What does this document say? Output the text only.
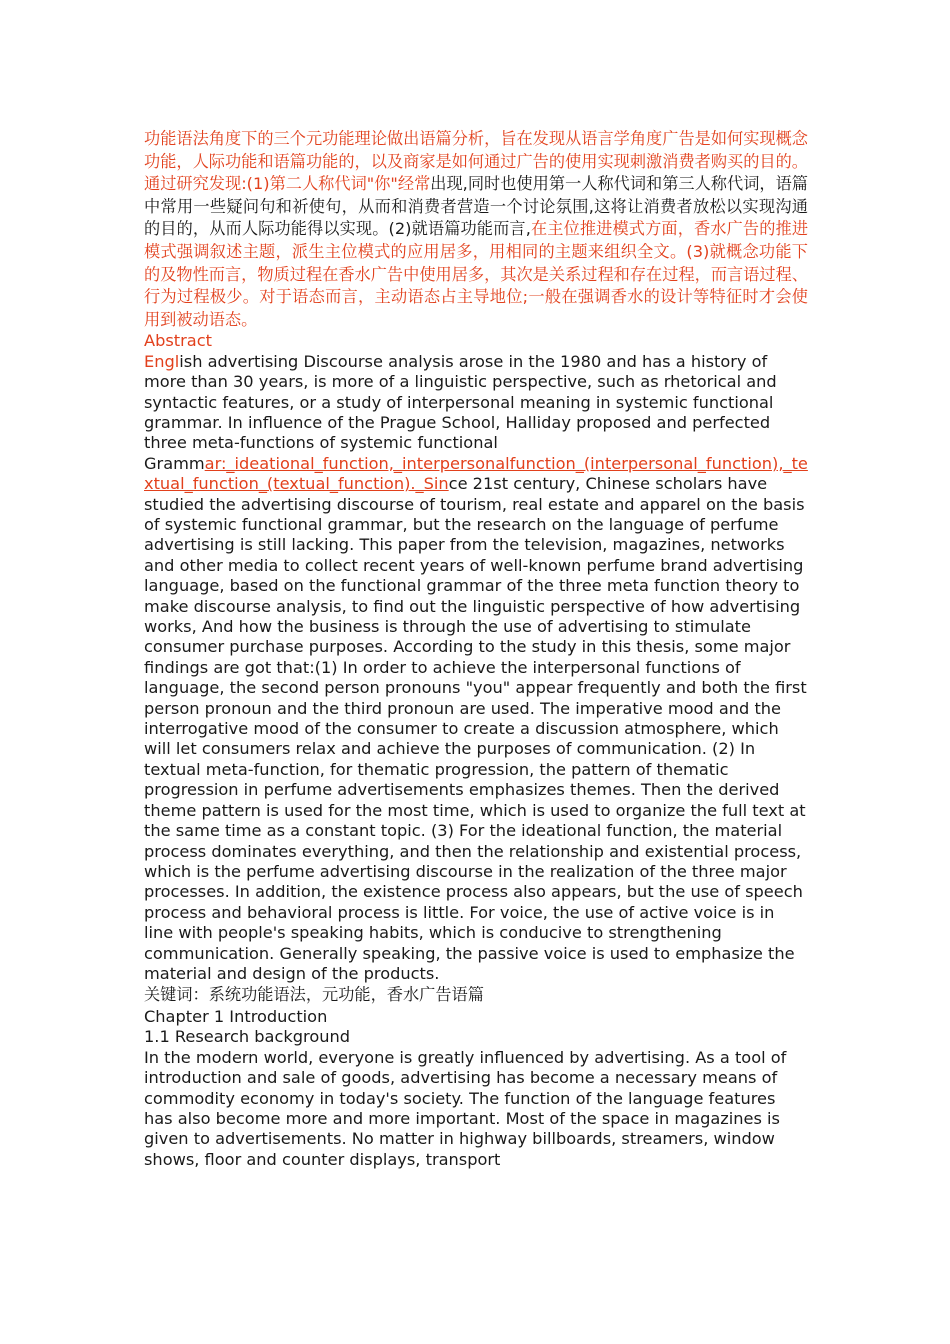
功能语法角度下的三个元功能理论做出语篇分析，旨在发现从语言学角度广告是如何实现概念功能，人际功能和语篇功能的，以及商家是如何通过广告的使用实现刺激消费者购买的目的。通过研究发现:(1)第二人称代词"你"经常出现,同时也使用第一人称代词和第三人称代词，语篇中常用一些疑问句和祈使句，从而和消费者营造一个讨论氛围,这将让消费者放松以实现沟通的目的，从而人际功能得以实现。(2)就语篇功能而言,在主位推进模式方面，香水广告的推进模式强调叙述主题，派生主位模式的应用居多，用相同的主题来组织全文。(3)就概念功能下的及物性而言，物质过程在香水广告中使用居多，其次是关系过程和存在过程，而言语过程、行为过程极少。对于语态而言，主动语态占主导地位;一般在强调香水的设计等特征时才会使用到被动语态。

Abstract

English advertising Discourse analysis arose in the 1980 and has a history of more than 30 years, is more of a linguistic perspective, such as rhetorical and syntactic features, or a study of interpersonal meaning in systemic functional grammar. In influence of the Prague School, Halliday proposed and perfected three meta-functions of systemic functional Grammar:_ideational_function,_interpersonalfunction_(interpersonal_function),_textual_function_(textual_function)._Since 21st century, Chinese scholars have studied the advertising discourse of tourism, real estate and apparel on the basis of systemic functional grammar, but the research on the language of perfume advertising is still lacking. This paper from the television, magazines, networks and other media to collect recent years of well-known perfume brand advertising language, based on the functional grammar of the three meta function theory to make discourse analysis, to find out the linguistic perspective of how advertising works, And how the business is through the use of advertising to stimulate consumer purchase purposes. According to the study in this thesis, some major findings are got that:(1) In order to achieve the interpersonal functions of language, the second person pronouns "you" appear frequently and both the first person pronoun and the third pronoun are used. The imperative mood and the interrogative mood of the consumer to create a discussion atmosphere, which will let consumers relax and achieve the purposes of communication. (2) In textual meta-function, for thematic progression, the pattern of thematic progression in perfume advertisements emphasizes themes. Then the derived theme pattern is used for the most time, which is used to organize the full text at the same time as a constant topic. (3) For the ideational function, the material process dominates everything, and then the relationship and existential process, which is the perfume advertising discourse in the realization of the three major processes. In addition, the existence process also appears, but the use of speech process and behavioral process is little. For voice, the use of active voice is in line with people's speaking habits, which is conducive to strengthening communication. Generally speaking, the passive voice is used to emphasize the material and design of the products.

关键词：系统功能语法，元功能，香水广告语篇
Chapter 1 Introduction
1.1 Research background

In the modern world, everyone is greatly influenced by advertising. As a tool of introduction and sale of goods, advertising has become a necessary means of commodity economy in today's society. The function of the language features has also become more and more important. Most of the space in magazines is given to advertisements. No matter in highway billboards, streamers, window shows, floor and counter displays, transport
